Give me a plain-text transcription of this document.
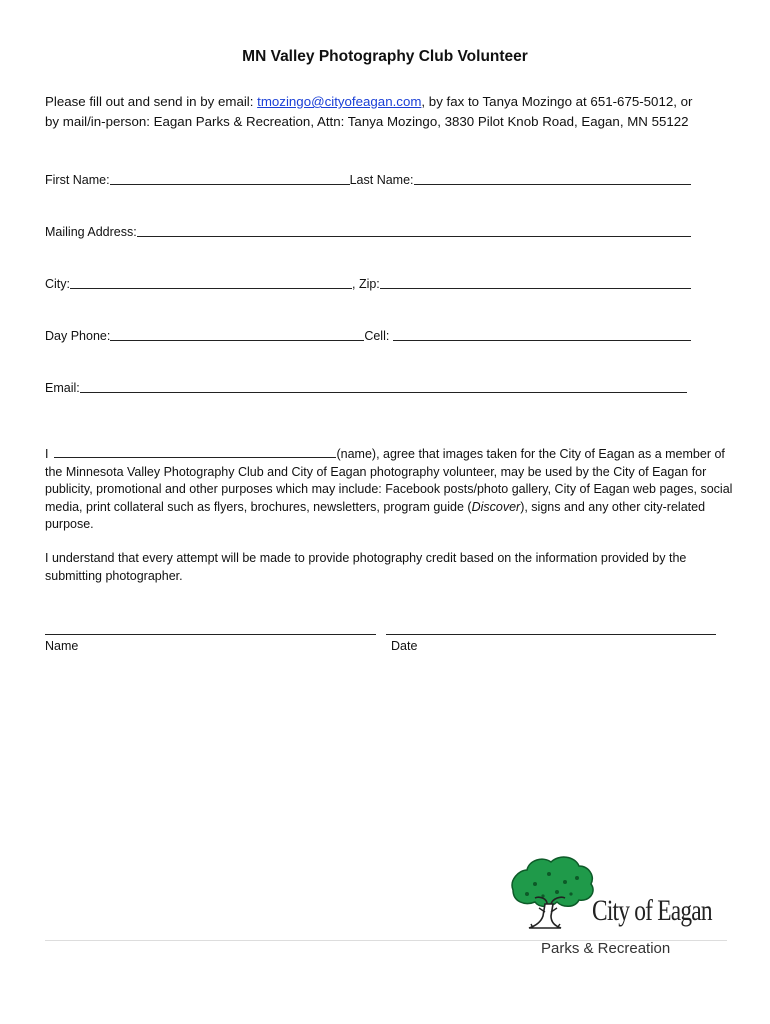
MN Valley Photography Club Volunteer
Please fill out and send in by email: tmozingo@cityofeagan.com, by fax to Tanya Mozingo at 651-675-5012, or
by mail/in-person: Eagan Parks & Recreation, Attn: Tanya Mozingo, 3830 Pilot Knob Road, Eagan, MN 55122
First Name:	Last Name:
Mailing Address:
City:	, Zip:
Day Phone:	Cell:
Email:
I	(name), agree that images taken for the City of Eagan as a member of the Minnesota Valley Photography Club and City of Eagan photography volunteer, may be used by the City of Eagan for publicity, promotional and other purposes which may include: Facebook posts/photo gallery, City of Eagan web pages, social media, print collateral such as flyers, brochures, newsletters, program guide (Discover), signs and any other city-related purpose.
I understand that every attempt will be made to provide photography credit based on the information provided by the submitting photographer.
Name	Date
City of Eagan
Parks & Recreation
